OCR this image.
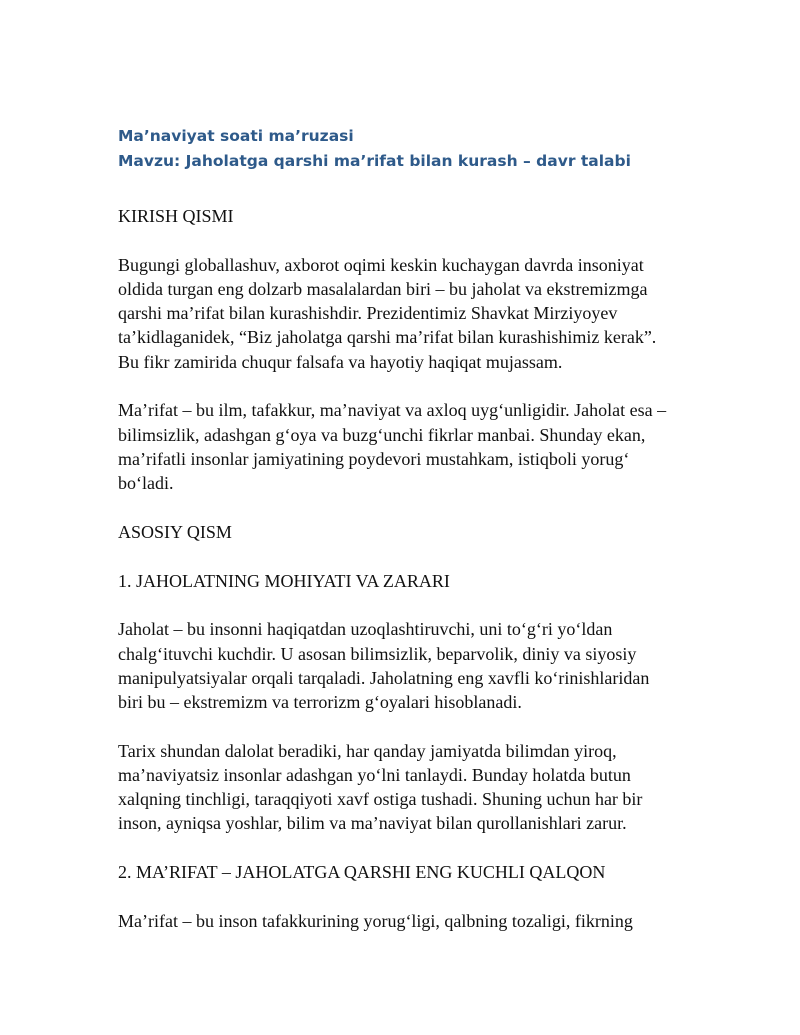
Ma’naviyat soati ma’ruzasi

Mavzu: Jaholatga qarshi ma’rifat bilan kurash – davr talabi

KIRISH QISMI

Bugungi globallashuv, axborot oqimi keskin kuchaygan davrda insoniyat
oldida turgan eng dolzarb masalalardan biri – bu jaholat va ekstremizmga
qarshi ma’rifat bilan kurashishdir. Prezidentimiz Shavkat Mirziyoyev
ta’kidlaganidek, “Biz jaholatga qarshi ma’rifat bilan kurashishimiz kerak”.
Bu fikr zamirida chuqur falsafa va hayotiy haqiqat mujassam.

Ma’rifat – bu ilm, tafakkur, ma’naviyat va axloq uyg‘unligidir. Jaholat esa –
bilimsizlik, adashgan g‘oya va buzg‘unchi fikrlar manbai. Shunday ekan,
ma’rifatli insonlar jamiyatining poydevori mustahkam, istiqboli yorug‘
bo‘ladi.

ASOSIY QISM

1. JAHOLATNING MOHIYATI VA ZARARI

Jaholat – bu insonni haqiqatdan uzoqlashtiruvchi, uni to‘g‘ri yo‘ldan
chalg‘ituvchi kuchdir. U asosan bilimsizlik, beparvolik, diniy va siyosiy
manipulyatsiyalar orqali tarqaladi. Jaholatning eng xavfli ko‘rinishlaridan
biri bu – ekstremizm va terrorizm g‘oyalari hisoblanadi.

Tarix shundan dalolat beradiki, har qanday jamiyatda bilimdan yiroq,
ma’naviyatsiz insonlar adashgan yo‘lni tanlaydi. Bunday holatda butun
xalqning tinchligi, taraqqiyoti xavf ostiga tushadi. Shuning uchun har bir
inson, ayniqsa yoshlar, bilim va ma’naviyat bilan qurollanishlari zarur.

2. MA’RIFAT – JAHOLATGA QARSHI ENG KUCHLI QALQON

Ma’rifat – bu inson tafakkurining yorug‘ligi, qalbning tozaligi, fikrning
